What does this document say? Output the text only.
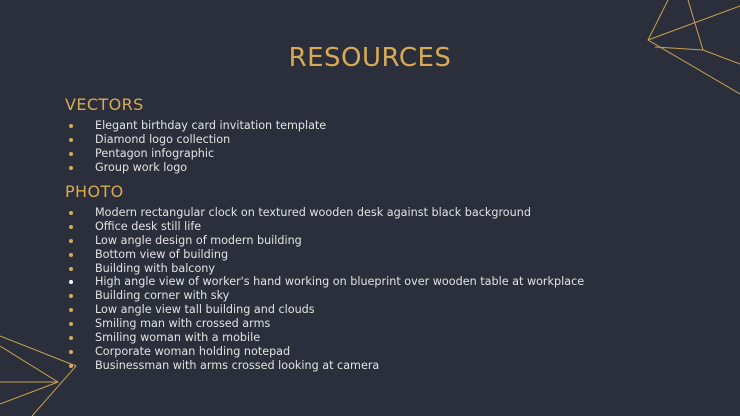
RESOURCES
VECTORS
Elegant birthday card invitation template
Diamond logo collection
Pentagon infographic
Group work logo
PHOTO
Modern rectangular clock on textured wooden desk against black background
Office desk still life
Low angle design of modern building
Bottom view of building
Building with balcony
High angle view of worker's hand working on blueprint over wooden table at workplace
Building corner with sky
Low angle view tall building and clouds
Smiling man with crossed arms
Smiling woman with a mobile
Corporate woman holding notepad
Businessman with arms crossed looking at camera
